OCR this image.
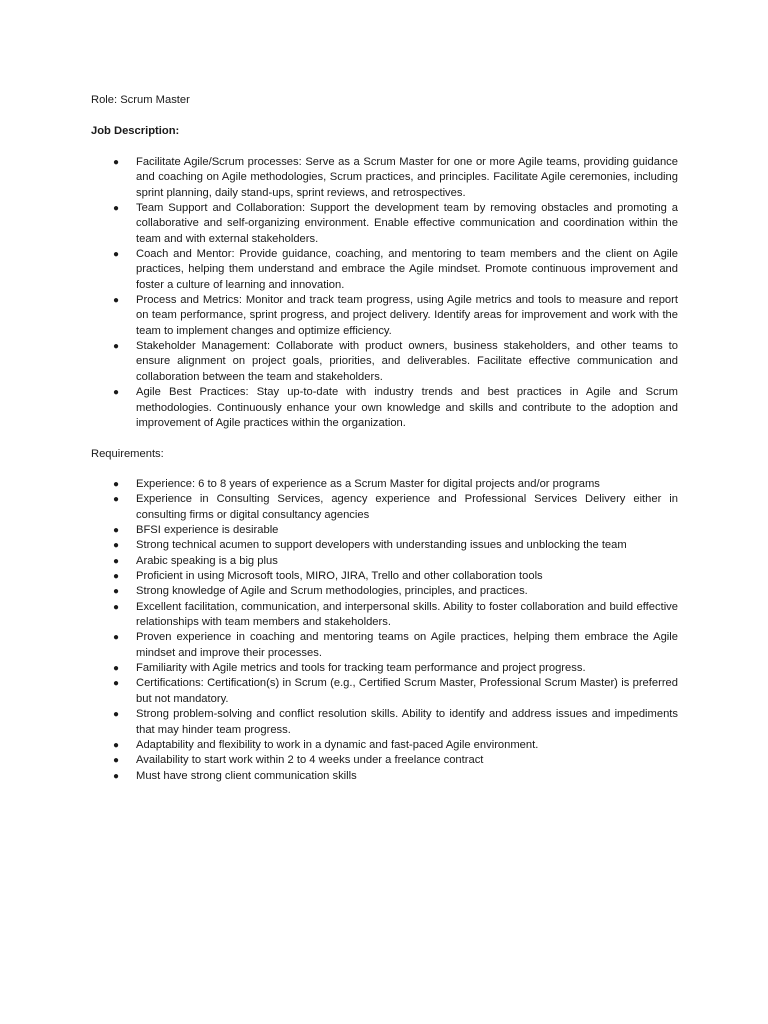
Role: Scrum Master

Job Description:

● Facilitate Agile/Scrum processes: Serve as a Scrum Master for one or more Agile teams, providing guidance and coaching on Agile methodologies, Scrum practices, and principles. Facilitate Agile ceremonies, including sprint planning, daily stand-ups, sprint reviews, and retrospectives.
● Team Support and Collaboration: Support the development team by removing obstacles and promoting a collaborative and self-organizing environment. Enable effective communication and coordination within the team and with external stakeholders.
● Coach and Mentor: Provide guidance, coaching, and mentoring to team members and the client on Agile practices, helping them understand and embrace the Agile mindset. Promote continuous improvement and foster a culture of learning and innovation.
● Process and Metrics: Monitor and track team progress, using Agile metrics and tools to measure and report on team performance, sprint progress, and project delivery. Identify areas for improvement and work with the team to implement changes and optimize efficiency.
● Stakeholder Management: Collaborate with product owners, business stakeholders, and other teams to ensure alignment on project goals, priorities, and deliverables. Facilitate effective communication and collaboration between the team and stakeholders.
● Agile Best Practices: Stay up-to-date with industry trends and best practices in Agile and Scrum methodologies. Continuously enhance your own knowledge and skills and contribute to the adoption and improvement of Agile practices within the organization.

Requirements:

● Experience: 6 to 8 years of experience as a Scrum Master for digital projects and/or programs
● Experience in Consulting Services, agency experience and Professional Services Delivery either in consulting firms or digital consultancy agencies
● BFSI experience is desirable
● Strong technical acumen to support developers with understanding issues and unblocking the team
● Arabic speaking is a big plus
● Proficient in using Microsoft tools, MIRO, JIRA, Trello and other collaboration tools
● Strong knowledge of Agile and Scrum methodologies, principles, and practices.
● Excellent facilitation, communication, and interpersonal skills. Ability to foster collaboration and build effective relationships with team members and stakeholders.
● Proven experience in coaching and mentoring teams on Agile practices, helping them embrace the Agile mindset and improve their processes.
● Familiarity with Agile metrics and tools for tracking team performance and project progress.
● Certifications: Certification(s) in Scrum (e.g., Certified Scrum Master, Professional Scrum Master) is preferred but not mandatory.
● Strong problem-solving and conflict resolution skills. Ability to identify and address issues and impediments that may hinder team progress.
● Adaptability and flexibility to work in a dynamic and fast-paced Agile environment.
● Availability to start work within 2 to 4 weeks under a freelance contract
● Must have strong client communication skills
